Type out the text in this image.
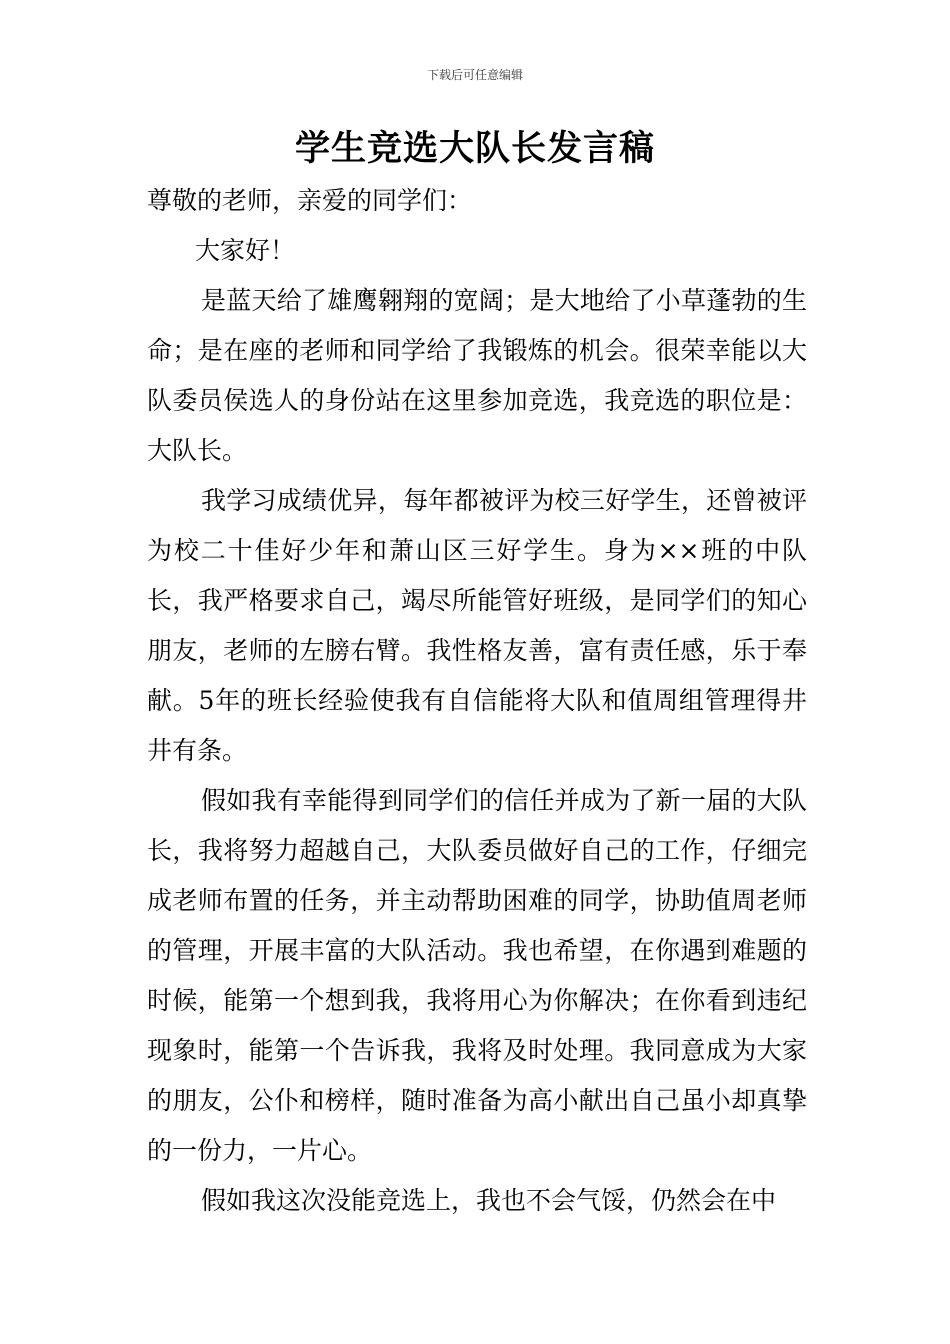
下载后可任意编辑
学生竞选大队长发言稿

尊敬的老师，亲爱的同学们：

大家好！

是蓝天给了雄鹰翱翔的宽阔；是大地给了小草蓬勃的生命；是在座的老师和同学给了我锻炼的机会。很荣幸能以大队委员侯选人的身份站在这里参加竞选，我竞选的职位是：大队长。

我学习成绩优异，每年都被评为校三好学生，还曾被评为校二十佳好少年和萧山区三好学生。身为××班的中队长，我严格要求自己，竭尽所能管好班级，是同学们的知心朋友，老师的左膀右臂。我性格友善，富有责任感，乐于奉献。5年的班长经验使我有自信能将大队和值周组管理得井井有条。

假如我有幸能得到同学们的信任并成为了新一届的大队长，我将努力超越自己，大队委员做好自己的工作，仔细完成老师布置的任务，并主动帮助困难的同学，协助值周老师的管理，开展丰富的大队活动。我也希望，在你遇到难题的时候，能第一个想到我，我将用心为你解决；在你看到违纪现象时，能第一个告诉我，我将及时处理。我同意成为大家的朋友，公仆和榜样，随时准备为高小献出自己虽小却真挚的一份力，一片心。

假如我这次没能竞选上，我也不会气馁，仍然会在中
